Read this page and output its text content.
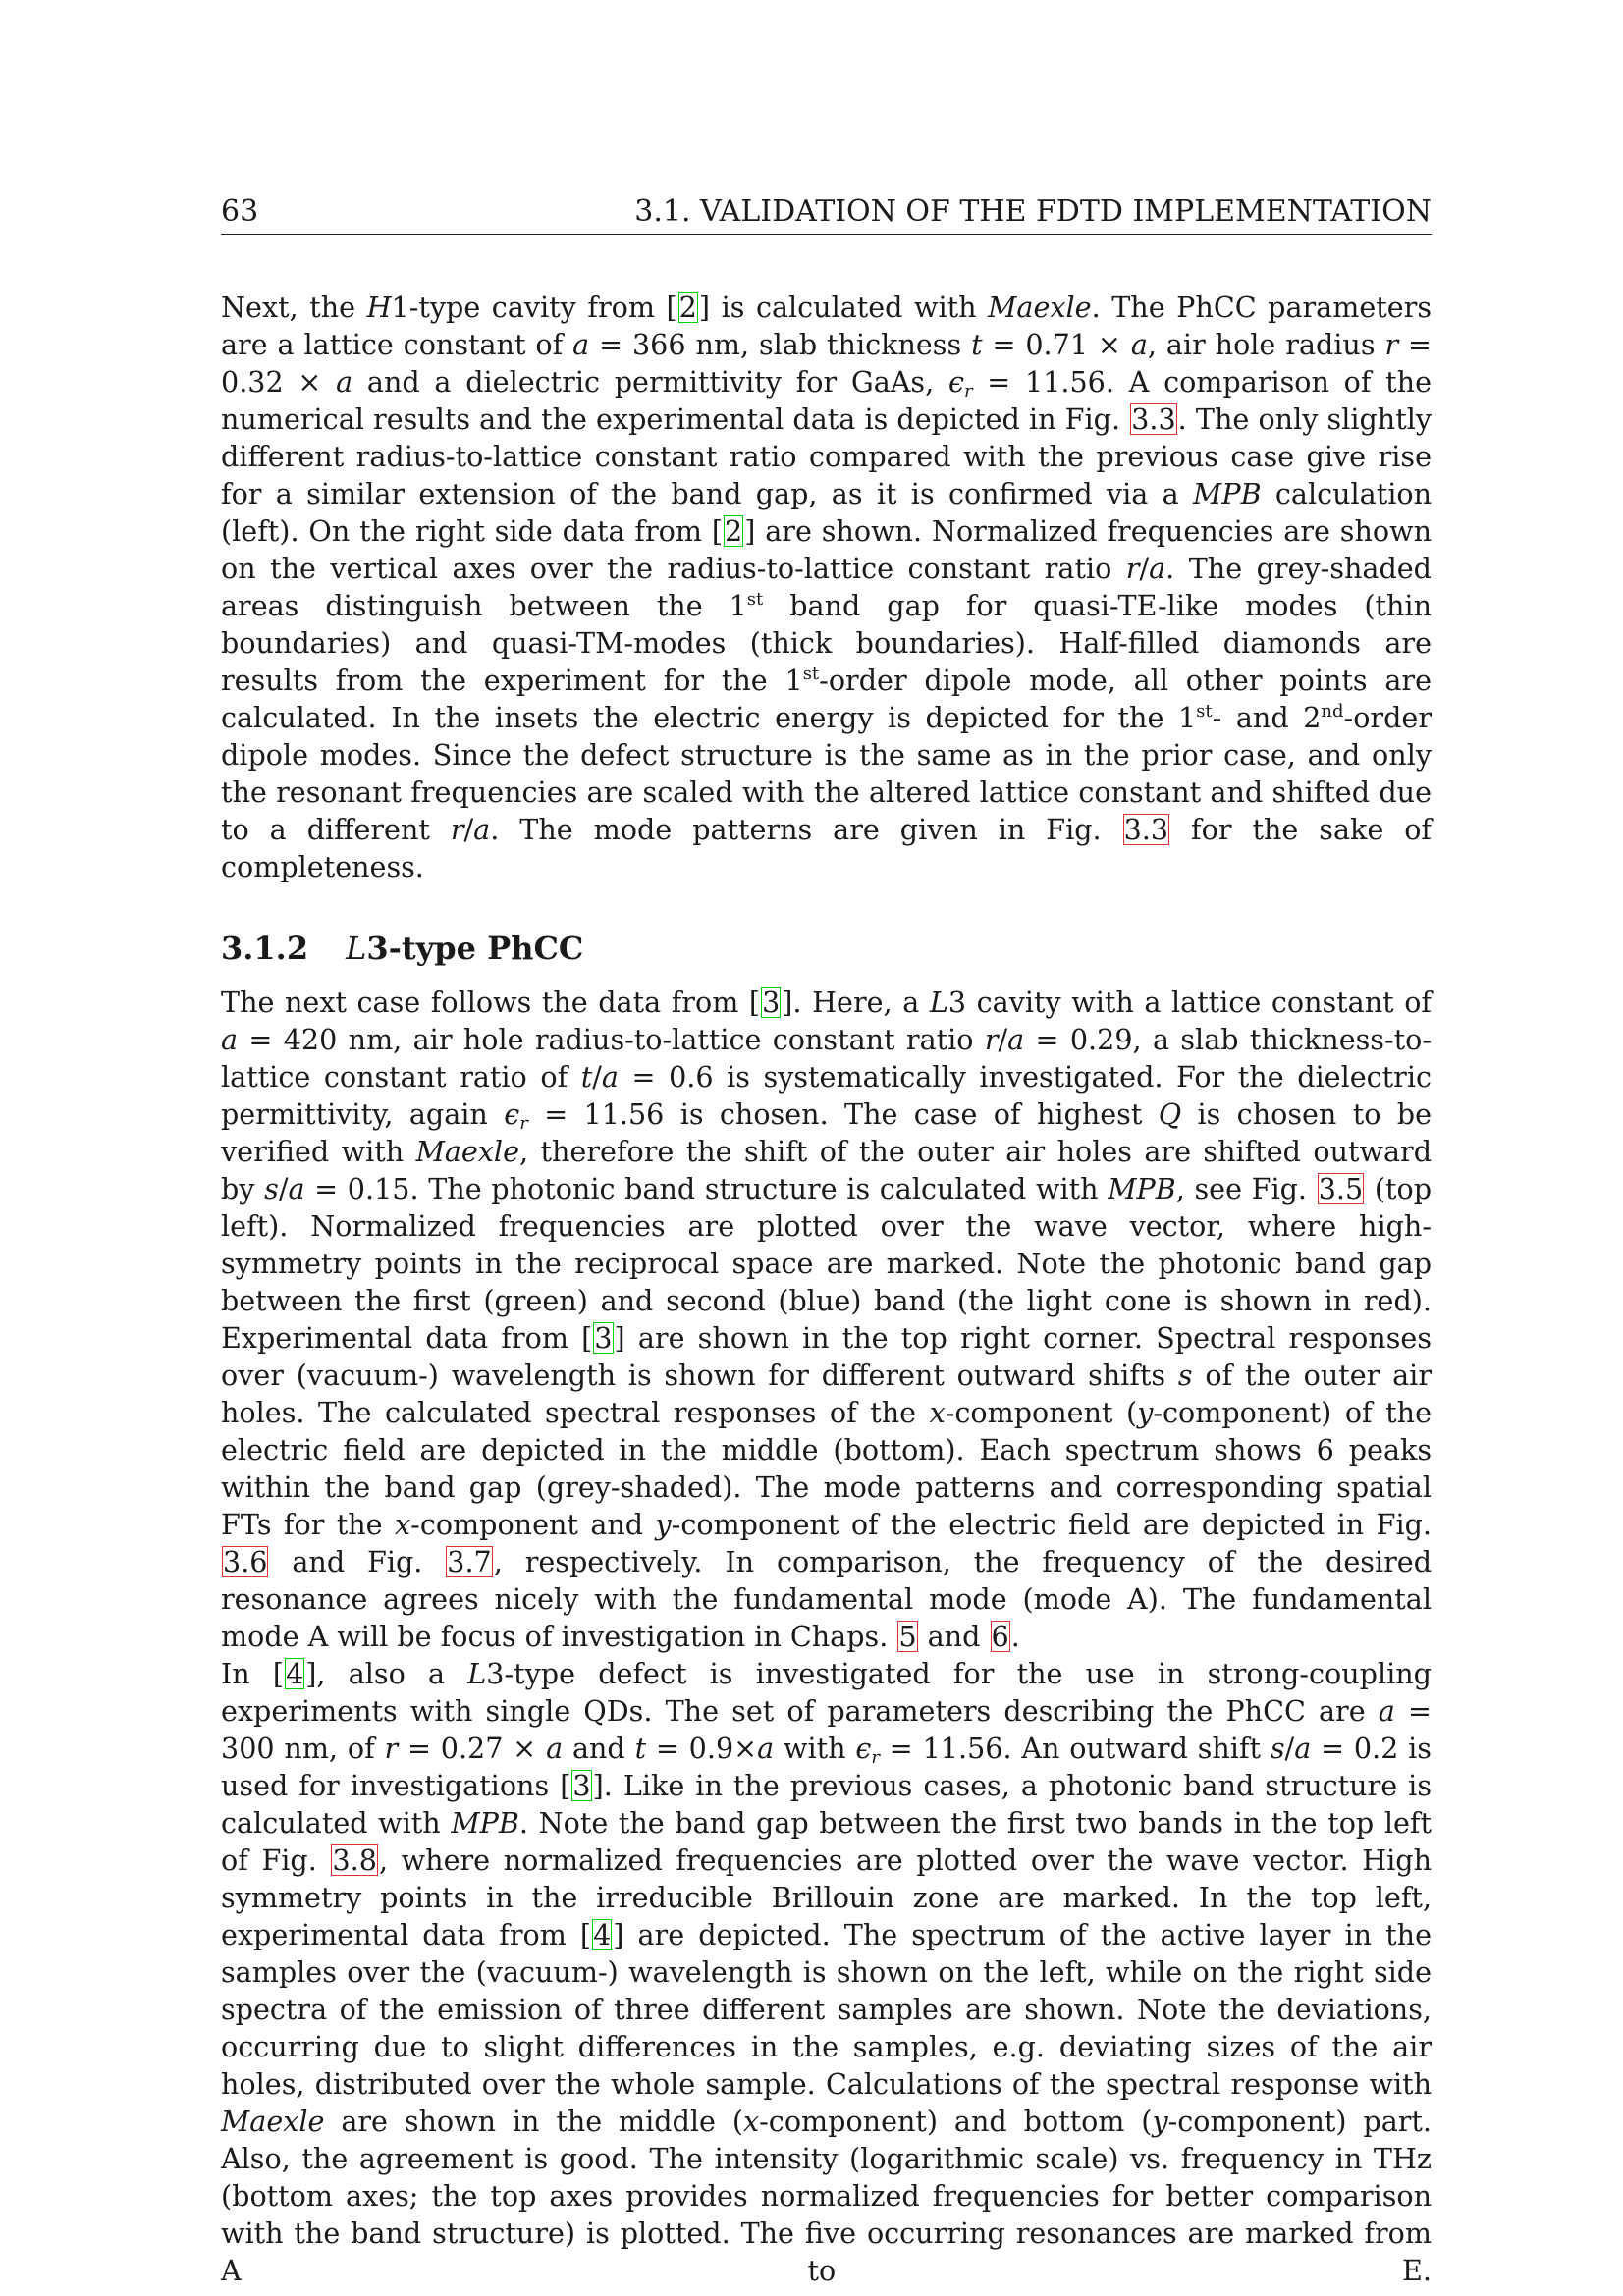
63	3.1. VALIDATION OF THE FDTD IMPLEMENTATION

Next, the H1-type cavity from [2] is calculated with Maexle. The PhCC parameters are a lattice constant of a = 366 nm, slab thickness t = 0.71 × a, air hole radius r = 0.32 × a and a dielectric permittivity for GaAs, $\epsilon_r = 11.56$. A comparison of the numerical results and the experimental data is depicted in Fig. 3.3. The only slightly different radius-to-lattice constant ratio compared with the previous case give rise for a similar extension of the band gap, as it is confirmed via a MPB calculation (left). On the right side data from [2] are shown. Normalized frequencies are shown on the vertical axes over the radius-to-lattice constant ratio r/a. The grey-shaded areas distinguish between the 1st band gap for quasi-TE-like modes (thin boundaries) and quasi-TM-modes (thick boundaries). Half-filled diamonds are results from the experiment for the 1st-order dipole mode, all other points are calculated. In the insets the electric energy is depicted for the 1st- and 2nd-order dipole modes. Since the defect structure is the same as in the prior case, and only the resonant frequencies are scaled with the altered lattice constant and shifted due to a different r/a. The mode patterns are given in Fig. 3.3 for the sake of completeness.

3.1.2 L3-type PhCC

The next case follows the data from [3]. Here, a L3 cavity with a lattice constant of a = 420 nm, air hole radius-to-lattice constant ratio r/a = 0.29, a slab thickness-to-lattice constant ratio of t/a = 0.6 is systematically investigated. For the dielectric permittivity, again $\epsilon_r = 11.56$ is chosen. The case of highest Q is chosen to be verified with Maexle, therefore the shift of the outer air holes are shifted outward by s/a = 0.15. The photonic band structure is calculated with MPB, see Fig. 3.5 (top left). Normalized frequencies are plotted over the wave vector, where high-symmetry points in the reciprocal space are marked. Note the photonic band gap between the first (green) and second (blue) band (the light cone is shown in red). Experimental data from [3] are shown in the top right corner. Spectral responses over (vacuum-) wavelength is shown for different outward shifts s of the outer air holes. The calculated spectral responses of the x-component (y-component) of the electric field are depicted in the middle (bottom). Each spectrum shows 6 peaks within the band gap (grey-shaded). The mode patterns and corresponding spatial FTs for the x-component and y-component of the electric field are depicted in Fig. 3.6 and Fig. 3.7, respectively. In comparison, the frequency of the desired resonance agrees nicely with the fundamental mode (mode A). The fundamental mode A will be focus of investigation in Chaps. 5 and 6.

In [4], also a L3-type defect is investigated for the use in strong-coupling experiments with single QDs. The set of parameters describing the PhCC are a = 300 nm, of r = 0.27 × a and t = 0.9×a with $\epsilon_r = 11.56$. An outward shift s/a = 0.2 is used for investigations [3]. Like in the previous cases, a photonic band structure is calculated with MPB. Note the band gap between the first two bands in the top left of Fig. 3.8, where normalized frequencies are plotted over the wave vector. High symmetry points in the irreducible Brillouin zone are marked. In the top left, experimental data from [4] are depicted. The spectrum of the active layer in the samples over the (vacuum-) wavelength is shown on the left, while on the right side spectra of the emission of three different samples are shown. Note the deviations, occurring due to slight differences in the samples, e.g. deviating sizes of the air holes, distributed over the whole sample. Calculations of the spectral response with Maexle are shown in the middle (x-component) and bottom (y-component) part. Also, the agreement is good. The intensity (logarithmic scale) vs. frequency in THz (bottom axes; the top axes provides normalized frequencies for better comparison with the band structure) is plotted. The five occurring resonances are marked from A to E.
